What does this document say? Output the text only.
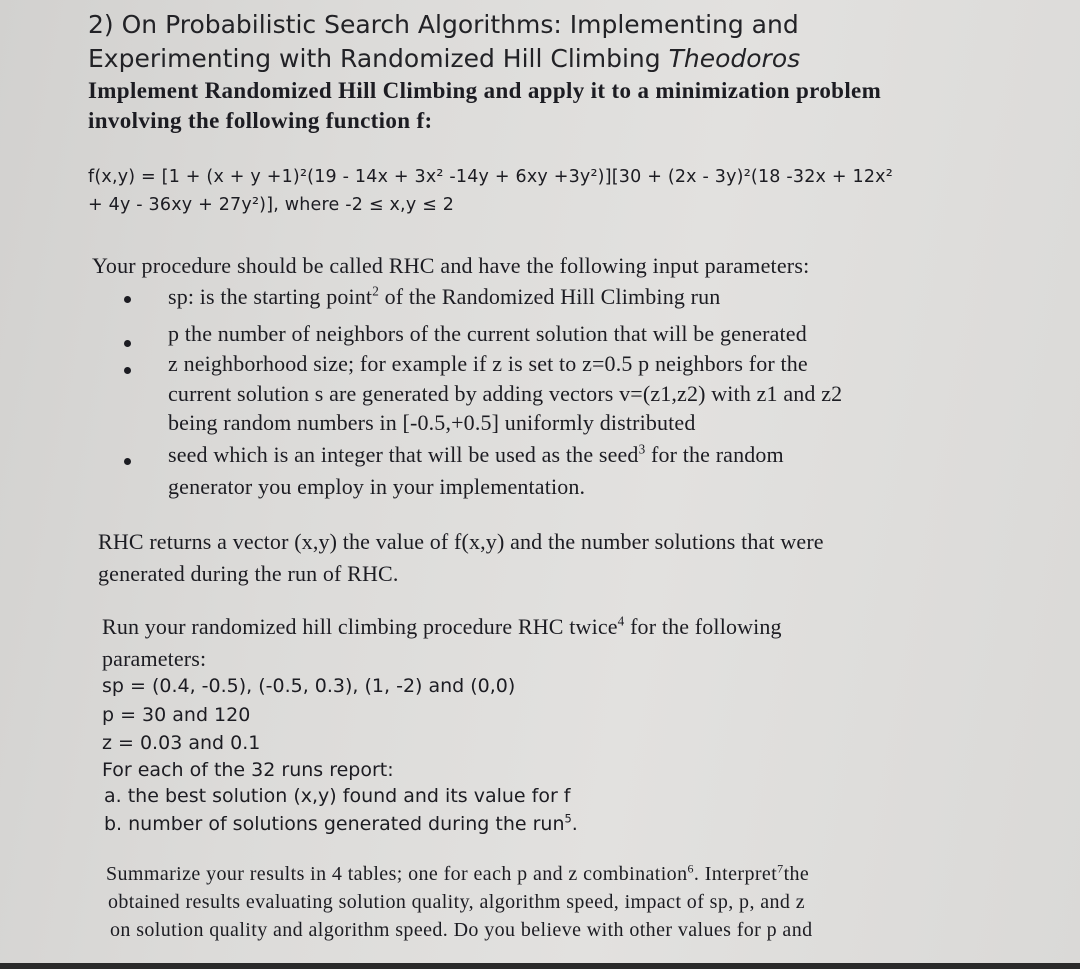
2) On Probabilistic Search Algorithms: Implementing and
Experimenting with Randomized Hill Climbing Theodoros
Implement Randomized Hill Climbing and apply it to a minimization problem
involving the following function f:
f(x,y) = [1 + (x + y +1)²(19 - 14x + 3x² -14y + 6xy +3y²)][30 + (2x - 3y)²(18 -32x + 12x²
+ 4y - 36xy + 27y²)], where -2 ≤ x,y ≤ 2
Your procedure should be called RHC and have the following input parameters:
sp: is the starting point$^2$ of the Randomized Hill Climbing run
p the number of neighbors of the current solution that will be generated
z neighborhood size; for example if z is set to z=0.5 p neighbors for the
current solution s are generated by adding vectors v=(z1,z2) with z1 and z2
being random numbers in [-0.5,+0.5] uniformly distributed
seed which is an integer that will be used as the seed$^3$ for the random
generator you employ in your implementation.
RHC returns a vector (x,y) the value of f(x,y) and the number solutions that were
generated during the run of RHC.
Run your randomized hill climbing procedure RHC twice$^4$ for the following
parameters:
sp = (0.4, -0.5), (-0.5, 0.3), (1, -2) and (0,0)
p = 30 and 120
z = 0.03 and 0.1
For each of the 32 runs report:
a. the best solution (x,y) found and its value for f
b. number of solutions generated during the run$^5$.
Summarize your results in 4 tables; one for each p and z combination$^6$. Interpret$^7$the
obtained results evaluating solution quality, algorithm speed, impact of sp, p, and z
on solution quality and algorithm speed. Do you believe with other values for p and
